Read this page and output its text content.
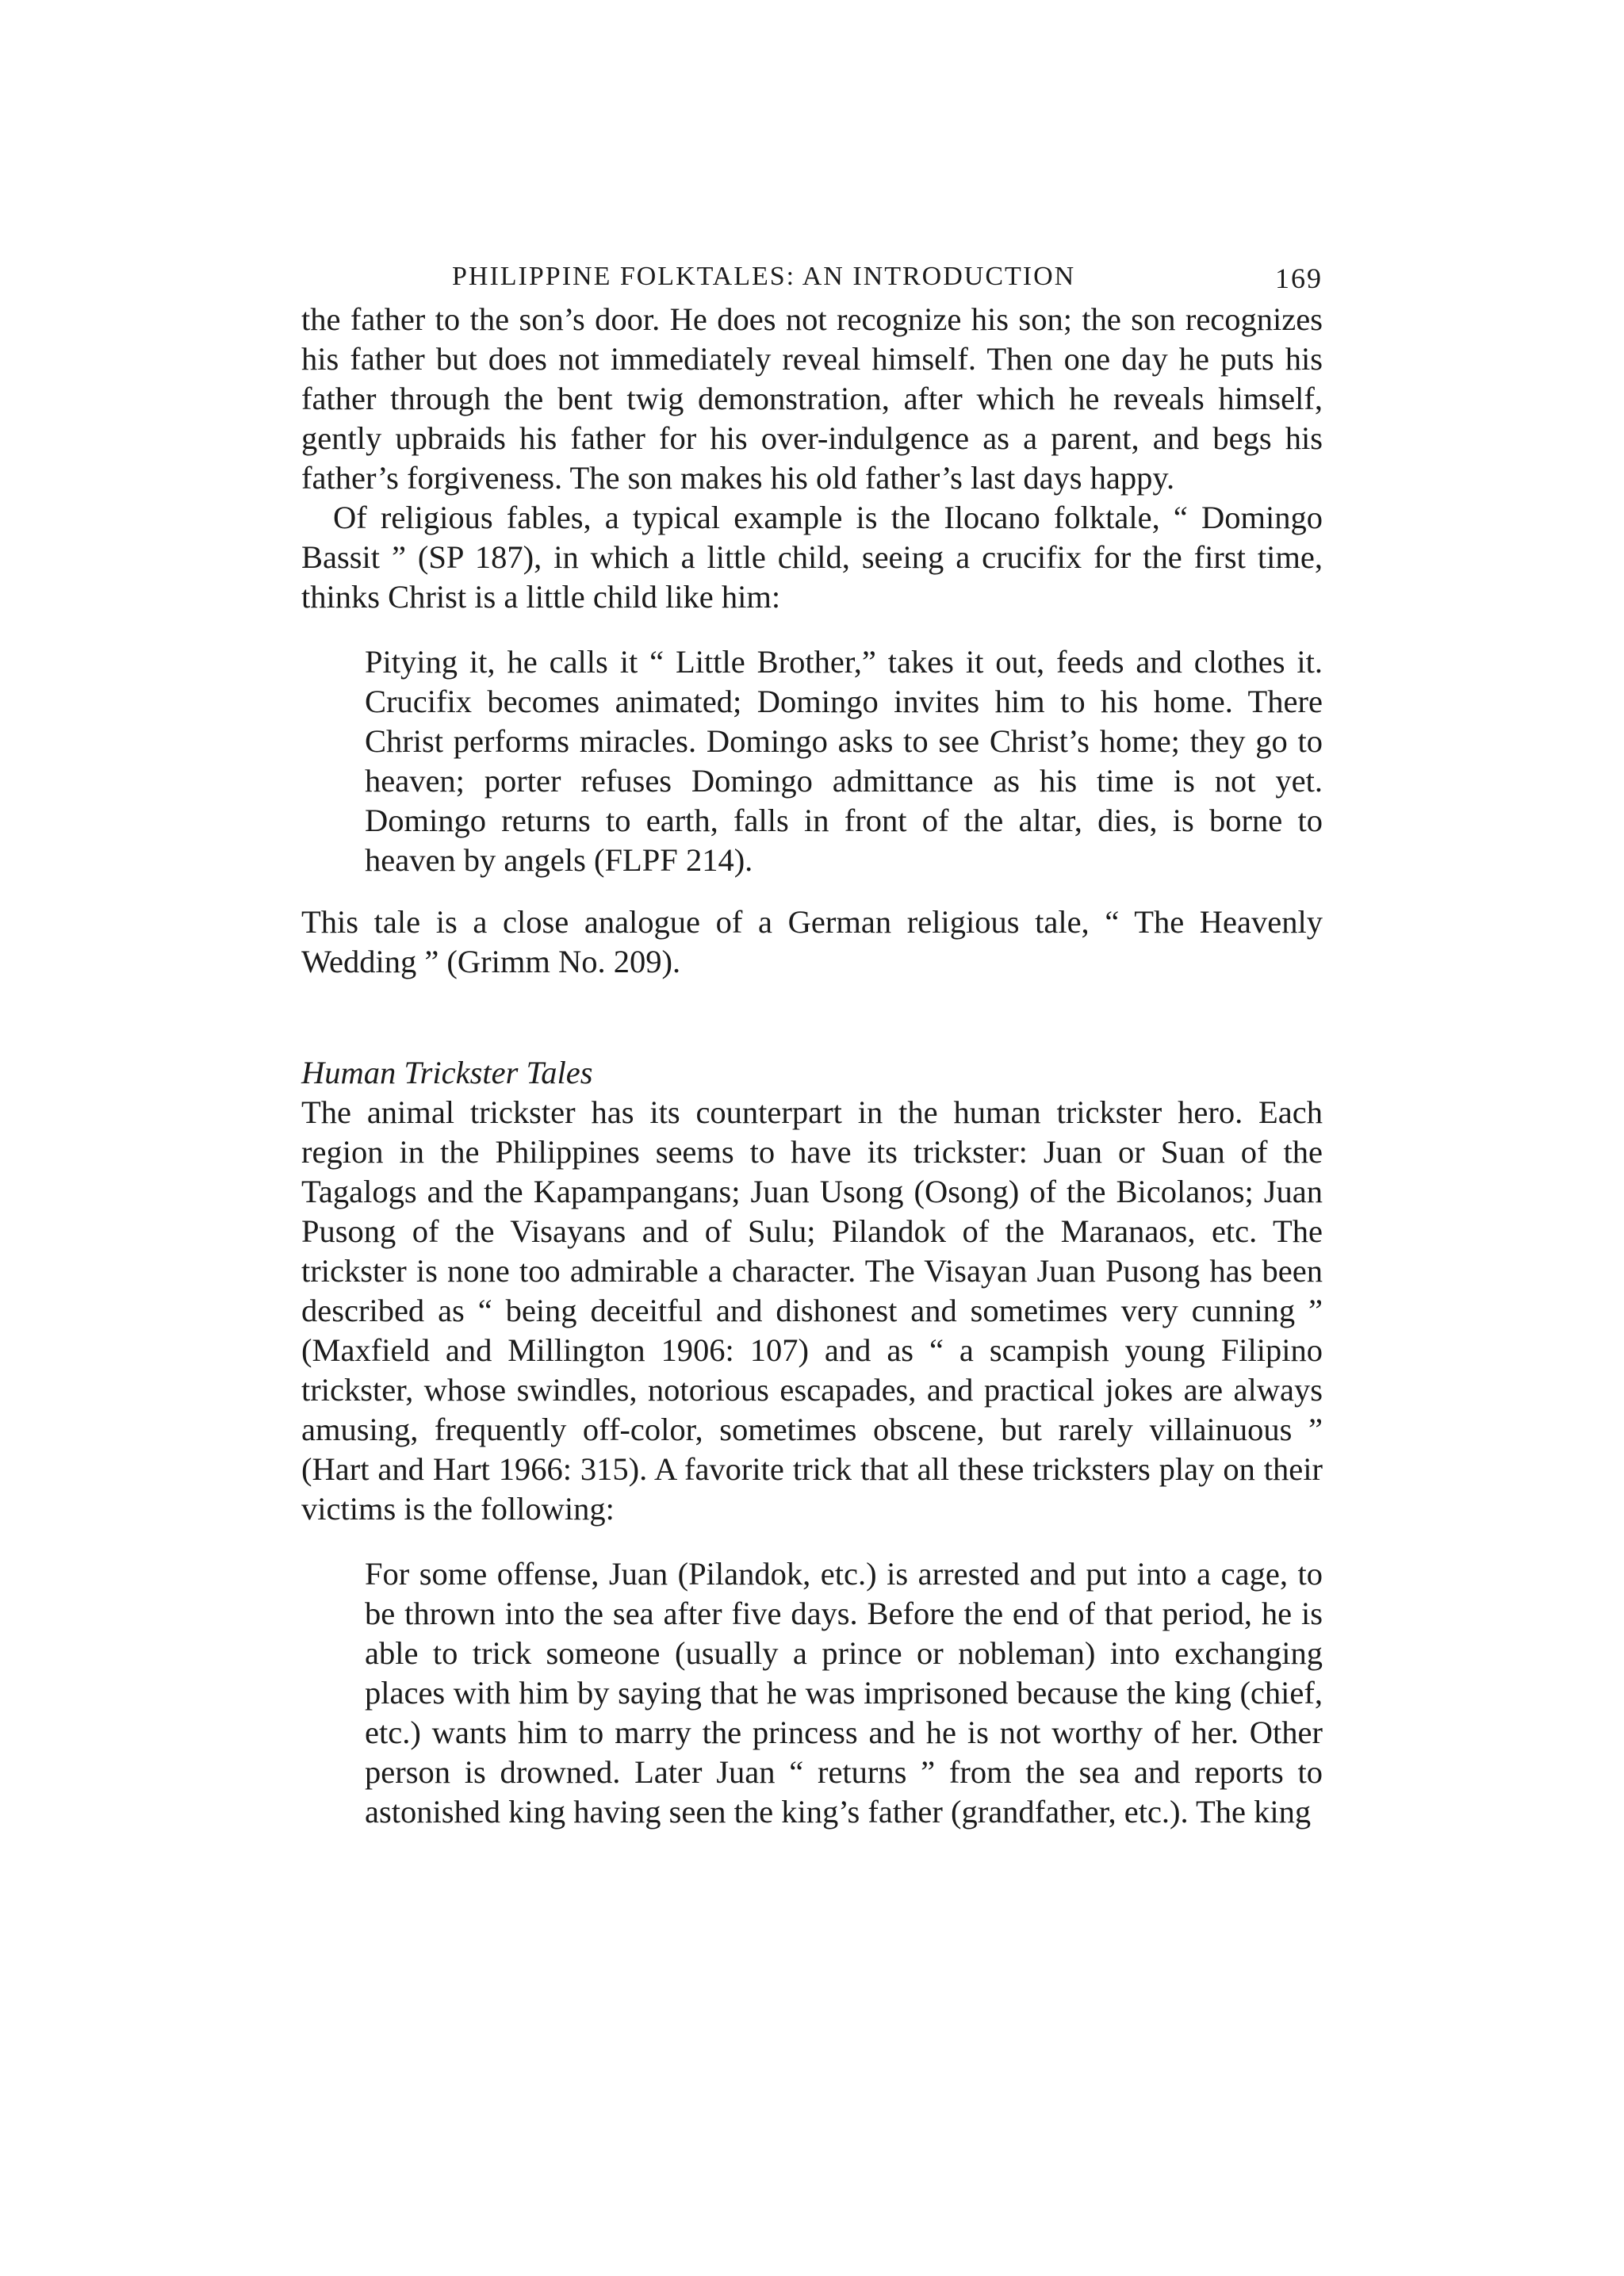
PHILIPPINE FOLKTALES: AN INTRODUCTION	169

the father to the son’s door. He does not recognize his son; the son recognizes his father but does not immediately reveal himself. Then one day he puts his father through the bent twig demonstration, after which he reveals himself, gently upbraids his father for his over-indulgence as a parent, and begs his father’s forgiveness. The son makes his old father’s last days happy.

Of religious fables, a typical example is the Ilocano folktale, “ Domingo Bassit ” (SP 187), in which a little child, seeing a crucifix for the first time, thinks Christ is a little child like him:

Pitying it, he calls it “ Little Brother,” takes it out, feeds and clothes it. Crucifix becomes animated; Domingo invites him to his home. There Christ performs miracles. Domingo asks to see Christ’s home; they go to heaven; porter refuses Domingo admittance as his time is not yet. Domingo returns to earth, falls in front of the altar, dies, is borne to heaven by angels (FLPF 214).

This tale is a close analogue of a German religious tale, “ The Heavenly Wedding ” (Grimm No. 209).

Human Trickster Tales

The animal trickster has its counterpart in the human trickster hero. Each region in the Philippines seems to have its trickster: Juan or Suan of the Tagalogs and the Kapampangans; Juan Usong (Osong) of the Bicolanos; Juan Pusong of the Visayans and of Sulu; Pilandok of the Maranaos, etc. The trickster is none too admirable a character. The Visayan Juan Pusong has been described as “ being deceitful and dishonest and sometimes very cunning ” (Maxfield and Millington 1906: 107) and as “ a scampish young Filipino trickster, whose swindles, notorious escapades, and practical jokes are always amusing, frequently off-color, sometimes obscene, but rarely villainuous ” (Hart and Hart 1966: 315). A favorite trick that all these tricksters play on their victims is the following:

For some offense, Juan (Pilandok, etc.) is arrested and put into a cage, to be thrown into the sea after five days. Before the end of that period, he is able to trick someone (usually a prince or nobleman) into exchanging places with him by saying that he was imprisoned because the king (chief, etc.) wants him to marry the princess and he is not worthy of her. Other person is drowned. Later Juan “ returns ” from the sea and reports to astonished king having seen the king’s father (grandfather, etc.). The king
